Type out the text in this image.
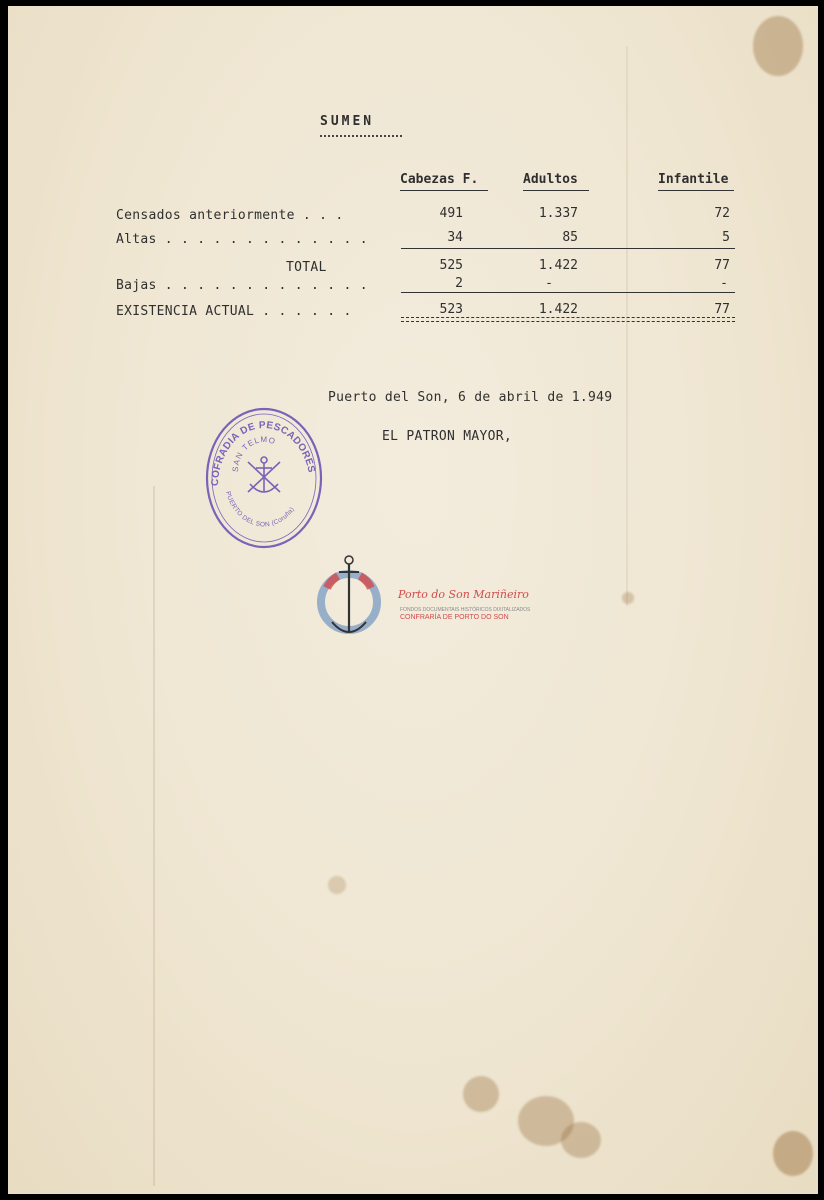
SUMEN
Cabezas F.	Adultos	Infantile
Censados anteriormente . . .	491	1.337	72
Altas . . . . . . . . . . . . .	34	85	5
TOTAL	525	1.422	77
Bajas . . . . . . . . . . . . .	2	-	-
EXISTENCIA ACTUAL . . . . . .	523	1.422	77
Puerto del Son, 6 de abril de 1.949
EL PATRON MAYOR,
COFRADIA DE PESCADORES
SAN TELMO
PUERTO DEL SON (Coruña)
Porto do Son Mariñeiro
FONDOS DOCUMENTAIS HISTÓRICOS DIXITALIZADOS
CONFRARÍA DE PORTO DO SON
